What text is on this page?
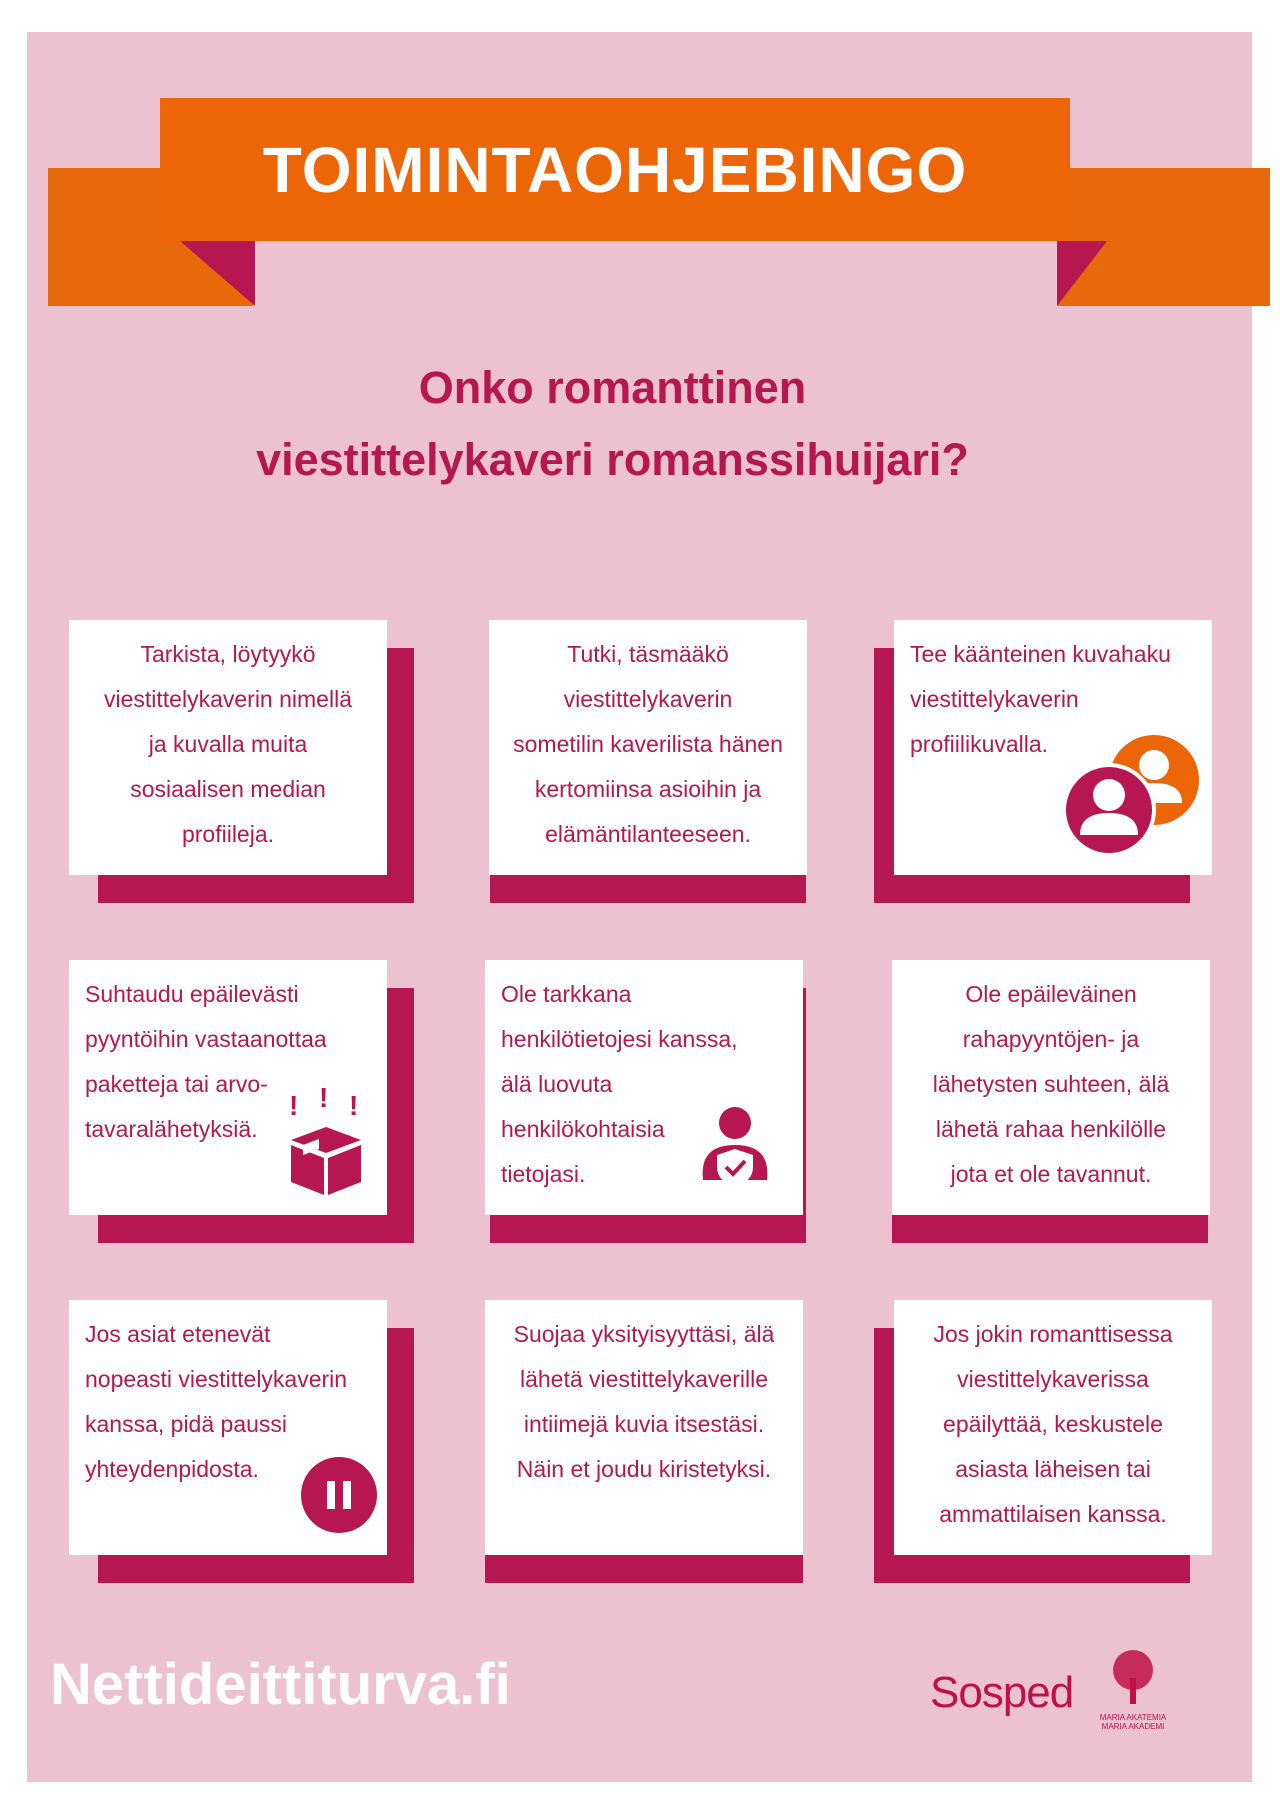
TOIMINTAOHJEBINGO
Onko romanttinen
viestittelykaveri romanssihuijari?
Tarkista, löytyykö
viestittelykaverin nimellä
ja kuvalla muita
sosiaalisen median
profiileja.
Tutki, täsmääkö
viestittelykaverin
sometilin kaverilista hänen
kertomiinsa asioihin ja
elämäntilanteeseen.
Tee käänteinen kuvahaku
viestittelykaverin
profiilikuvalla.
Suhtaudu epäilevästi
pyyntöihin vastaanottaa
paketteja tai arvo-
tavaralähetyksiä.
! ! !
Ole tarkkana
henkilötietojesi kanssa,
älä luovuta
henkilökohtaisia
tietojasi.
Ole epäileväinen
rahapyyntöjen- ja
lähetysten suhteen, älä
lähetä rahaa henkilölle
jota et ole tavannut.
Jos asiat etenevät
nopeasti viestittelykaverin
kanssa, pidä paussi
yhteydenpidosta.
Suojaa yksityisyyttäsi, älä
lähetä viestittelykaverille
intiimejä kuvia itsestäsi.
Näin et joudu kiristetyksi.
Jos jokin romanttisessa
viestittelykaverissa
epäilyttää, keskustele
asiasta läheisen tai
ammattilaisen kanssa.
Nettideittiturva.fi	Sosped
MARIA AKATEMIA
MARIA AKADEMI
